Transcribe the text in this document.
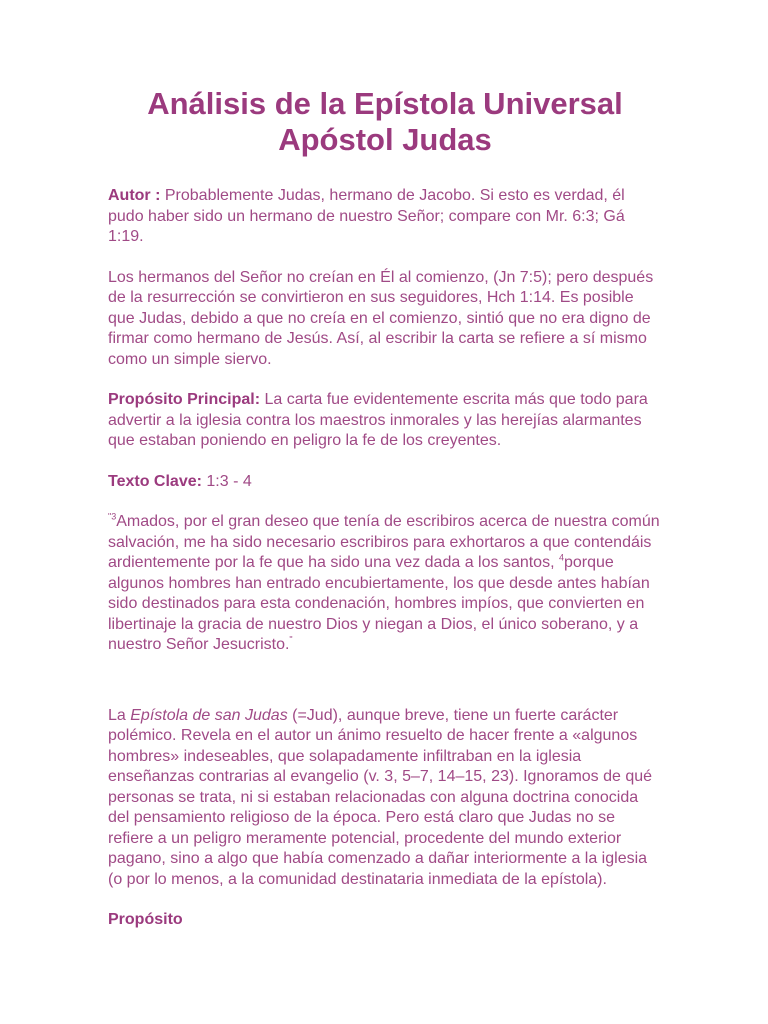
Análisis de la Epístola Universal
Apóstol Judas

Autor : Probablemente Judas, hermano de Jacobo. Si esto es verdad, él pudo haber sido un hermano de nuestro Señor; compare con Mr. 6:3; Gá 1:19.

Los hermanos del Señor no creían en Él al comienzo, (Jn 7:5); pero después de la resurrección se convirtieron en sus seguidores, Hch 1:14. Es posible que Judas, debido a que no creía en el comienzo, sintió que no era digno de firmar como hermano de Jesús. Así, al escribir la carta se refiere a sí mismo como un simple siervo.

Propósito Principal: La carta fue evidentemente escrita más que todo para advertir a la iglesia contra los maestros inmorales y las herejías alarmantes que estaban poniendo en peligro la fe de los creyentes.

Texto Clave: 1:3 - 4

$^{"3}$Amados, por el gran deseo que tenía de escribiros acerca de nuestra común salvación, me ha sido necesario escribiros para exhortaros a que contendáis ardientemente por la fe que ha sido una vez dada a los santos, $^4$porque algunos hombres han entrado encubiertamente, los que desde antes habían sido destinados para esta condenación, hombres impíos, que convierten en libertinaje la gracia de nuestro Dios y niegan a Dios, el único soberano, y a nuestro Señor Jesucristo."

La Epístola de san Judas (=Jud), aunque breve, tiene un fuerte carácter polémico. Revela en el autor un ánimo resuelto de hacer frente a «algunos hombres» indeseables, que solapadamente infiltraban en la iglesia enseñanzas contrarias al evangelio (v. 3, 5–7, 14–15, 23). Ignoramos de qué personas se trata, ni si estaban relacionadas con alguna doctrina conocida del pensamiento religioso de la época. Pero está claro que Judas no se refiere a un peligro meramente potencial, procedente del mundo exterior pagano, sino a algo que había comenzado a dañar interiormente a la iglesia (o por lo menos, a la comunidad destinataria inmediata de la epístola).

Propósito
